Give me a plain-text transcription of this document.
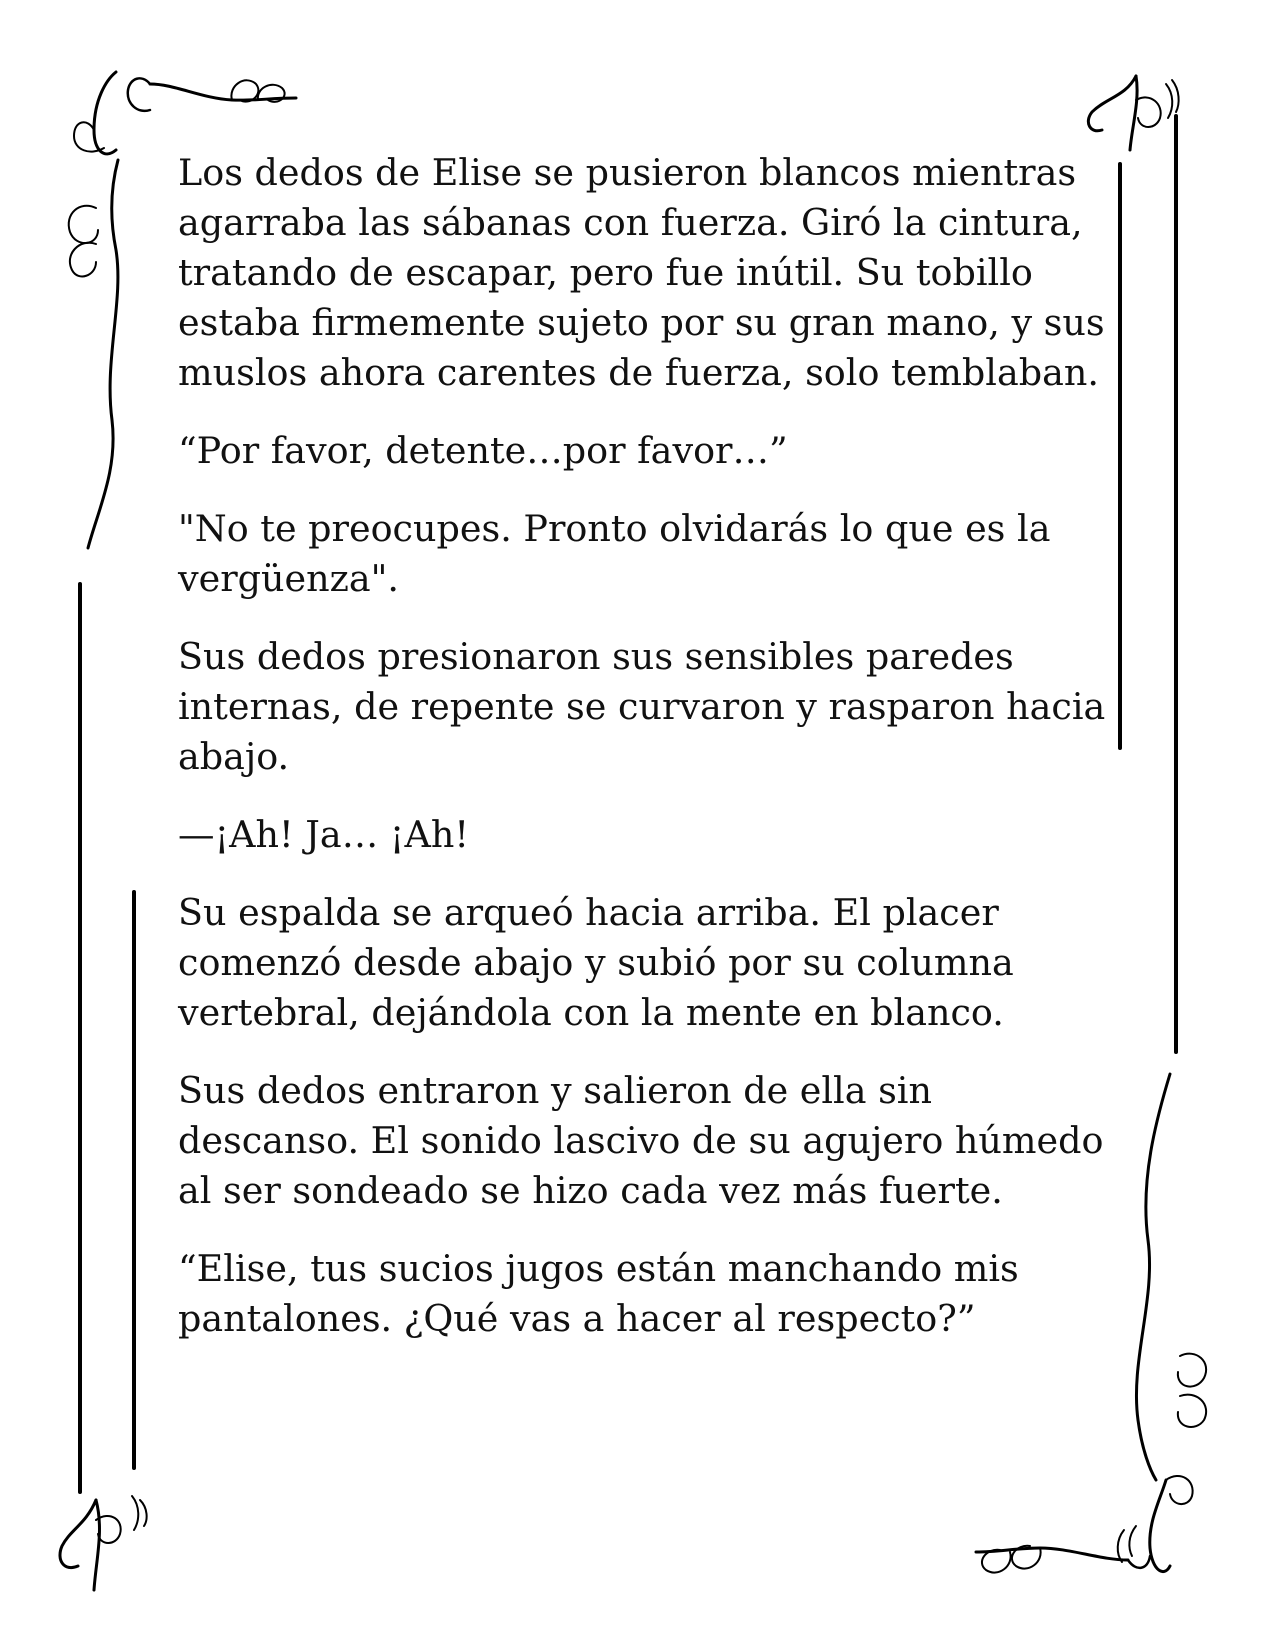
Los dedos de Elise se pusieron blancos mientras agarraba las sábanas con fuerza. Giró la cintura, tratando de escapar, pero fue inútil. Su tobillo estaba firmemente sujeto por su gran mano, y sus muslos ahora carentes de fuerza, solo temblaban.

“Por favor, detente…por favor…”

"No te preocupes. Pronto olvidarás lo que es la vergüenza".

Sus dedos presionaron sus sensibles paredes internas, de repente se curvaron y rasparon hacia abajo.

—¡Ah! Ja… ¡Ah!

Su espalda se arqueó hacia arriba. El placer comenzó desde abajo y subió por su columna vertebral, dejándola con la mente en blanco.

Sus dedos entraron y salieron de ella sin descanso. El sonido lascivo de su agujero húmedo al ser sondeado se hizo cada vez más fuerte.

“Elise, tus sucios jugos están manchando mis pantalones. ¿Qué vas a hacer al respecto?”
